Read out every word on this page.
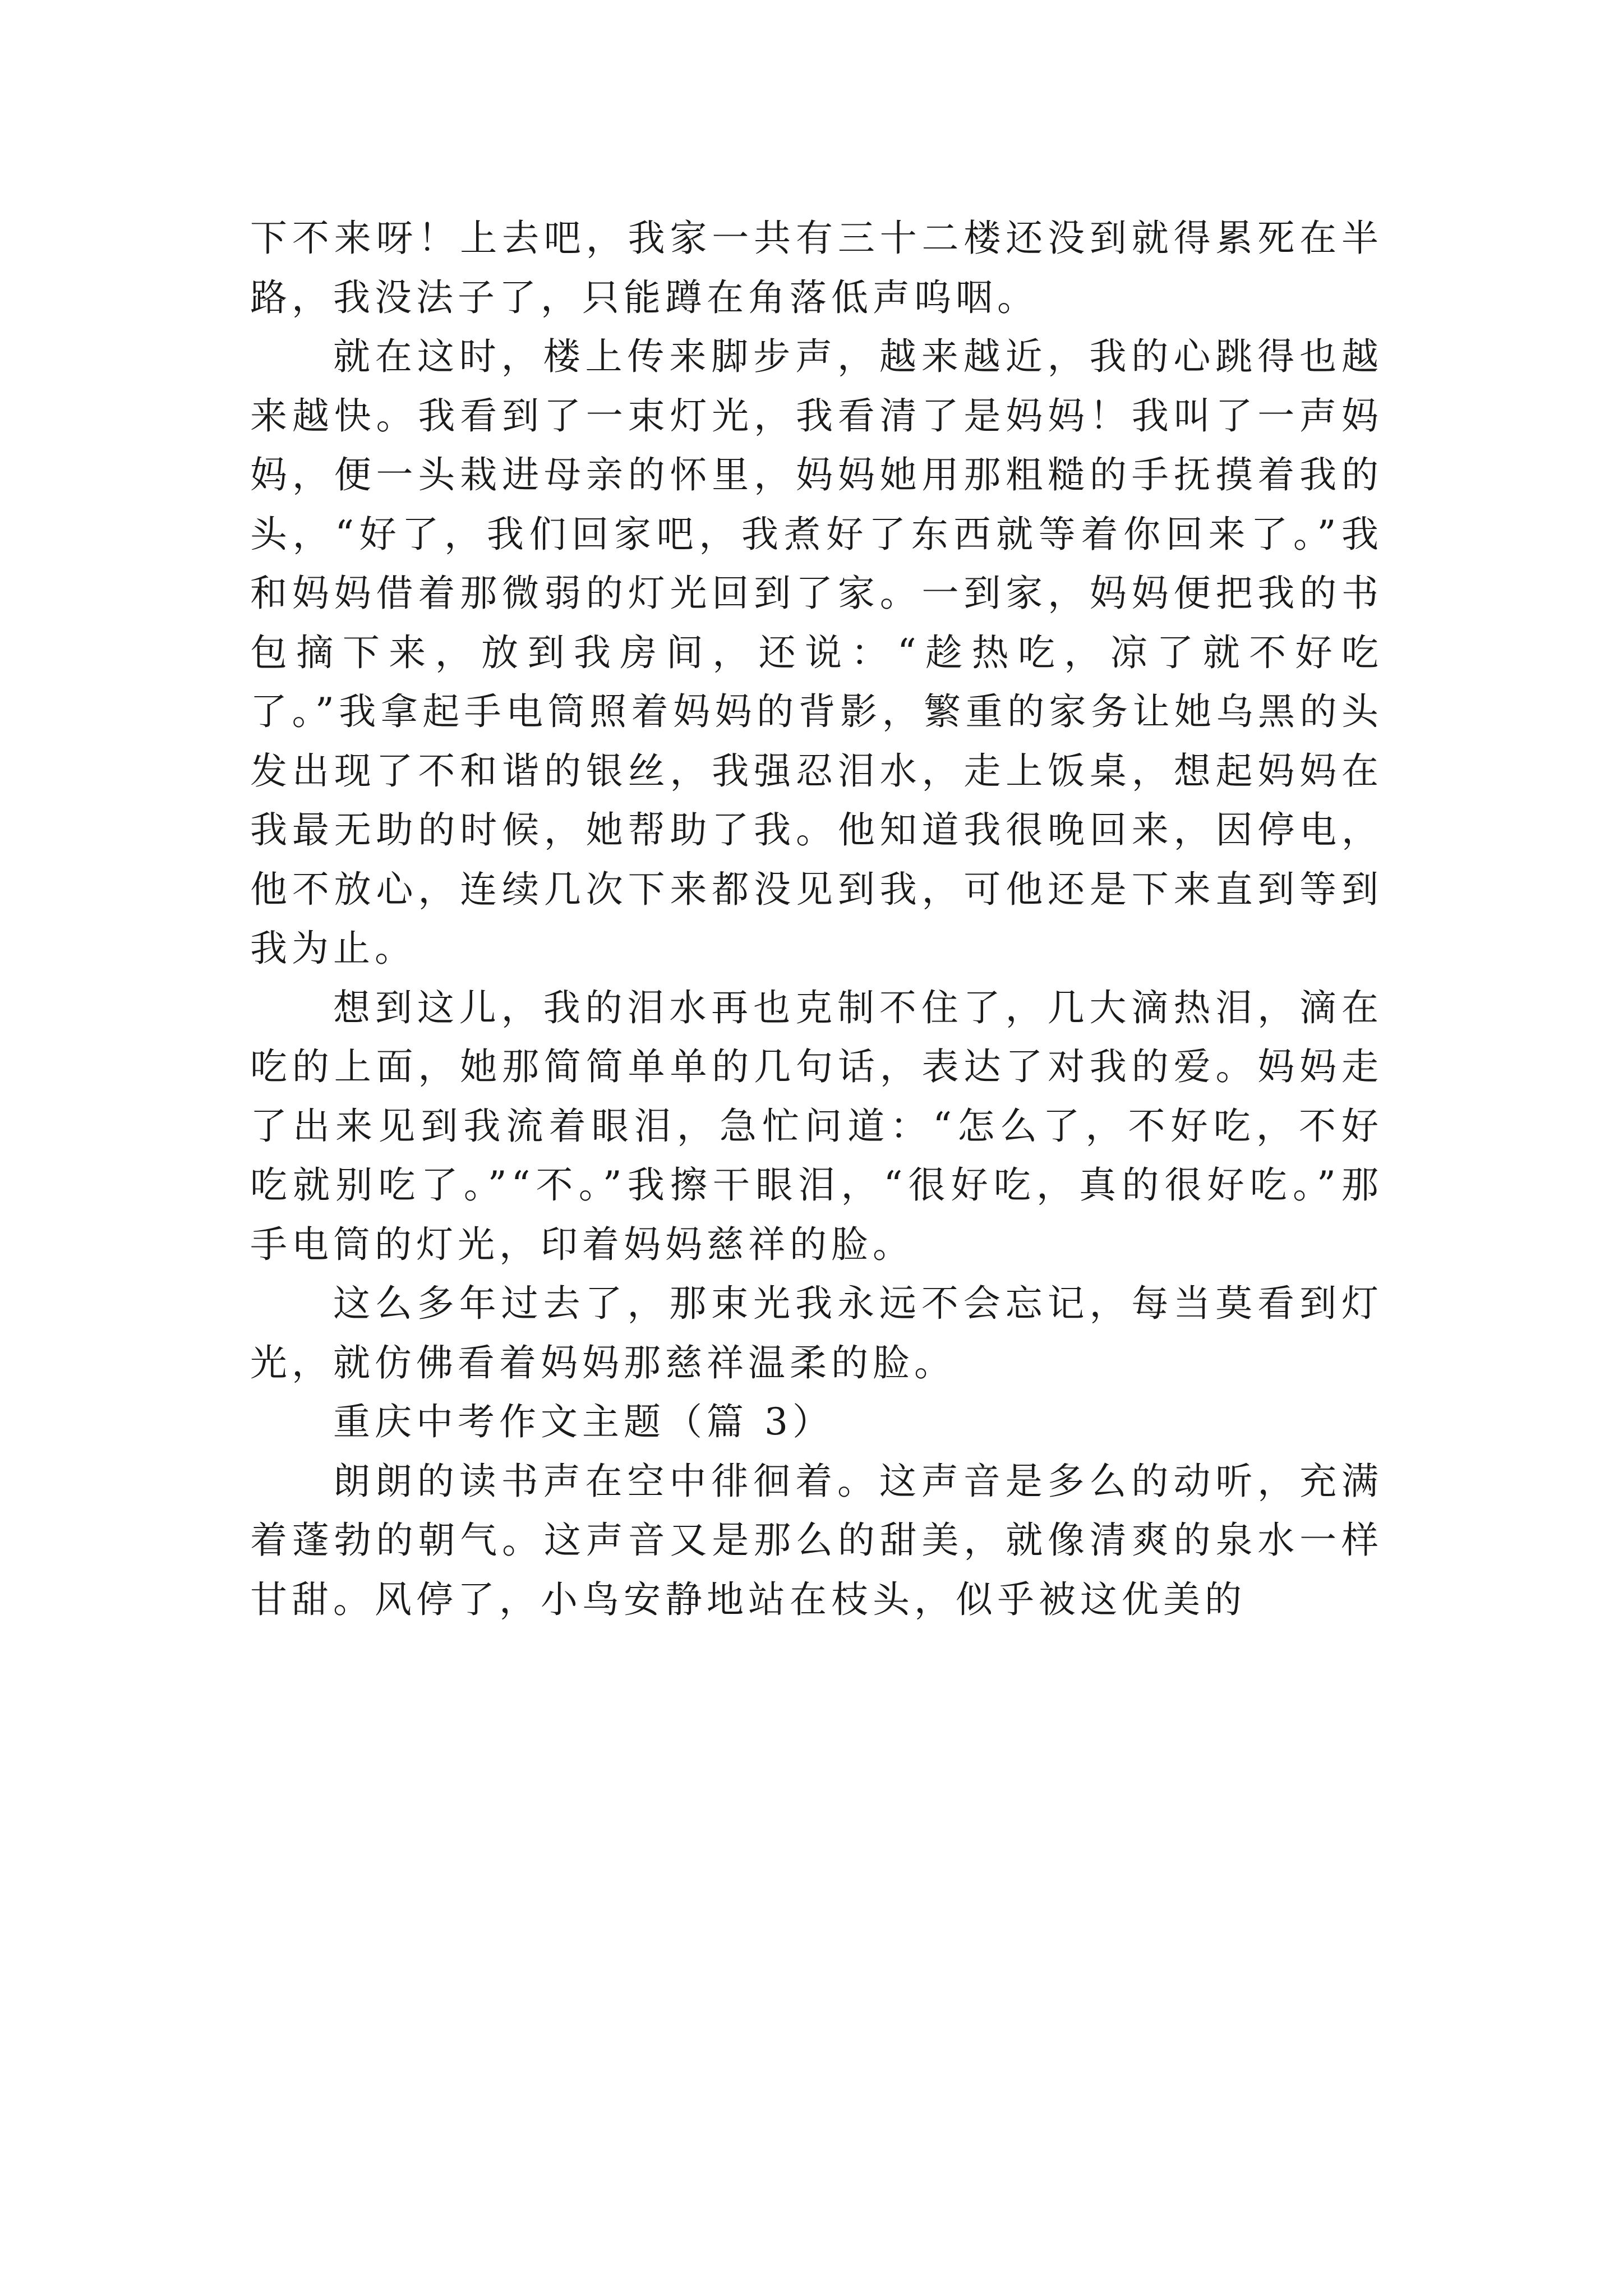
下不来呀！上去吧，我家一共有三十二楼还没到就得累死在半路，我没法子了，只能蹲在角落低声呜咽。

就在这时，楼上传来脚步声，越来越近，我的心跳得也越来越快。我看到了一束灯光，我看清了是妈妈！我叫了一声妈妈，便一头栽进母亲的怀里，妈妈她用那粗糙的手抚摸着我的头，“好了，我们回家吧，我煮好了东西就等着你回来了。”我和妈妈借着那微弱的灯光回到了家。一到家，妈妈便把我的书包摘下来，放到我房间，还说：“趁热吃，凉了就不好吃了。”我拿起手电筒照着妈妈的背影，繁重的家务让她乌黑的头发出现了不和谐的银丝，我强忍泪水，走上饭桌，想起妈妈在我最无助的时候，她帮助了我。他知道我很晚回来，因停电，他不放心，连续几次下来都没见到我，可他还是下来直到等到我为止。

想到这儿，我的泪水再也克制不住了，几大滴热泪，滴在吃的上面，她那简简单单的几句话，表达了对我的爱。妈妈走了出来见到我流着眼泪，急忙问道：“怎么了，不好吃，不好吃就别吃了。”“不。”我擦干眼泪，“很好吃，真的很好吃。”那手电筒的灯光，印着妈妈慈祥的脸。

这么多年过去了，那束光我永远不会忘记，每当莫看到灯光，就仿佛看着妈妈那慈祥温柔的脸。

重庆中考作文主题（篇 3）

朗朗的读书声在空中徘徊着。这声音是多么的动听，充满着蓬勃的朝气。这声音又是那么的甜美，就像清爽的泉水一样甘甜。风停了，小鸟安静地站在枝头，似乎被这优美的
